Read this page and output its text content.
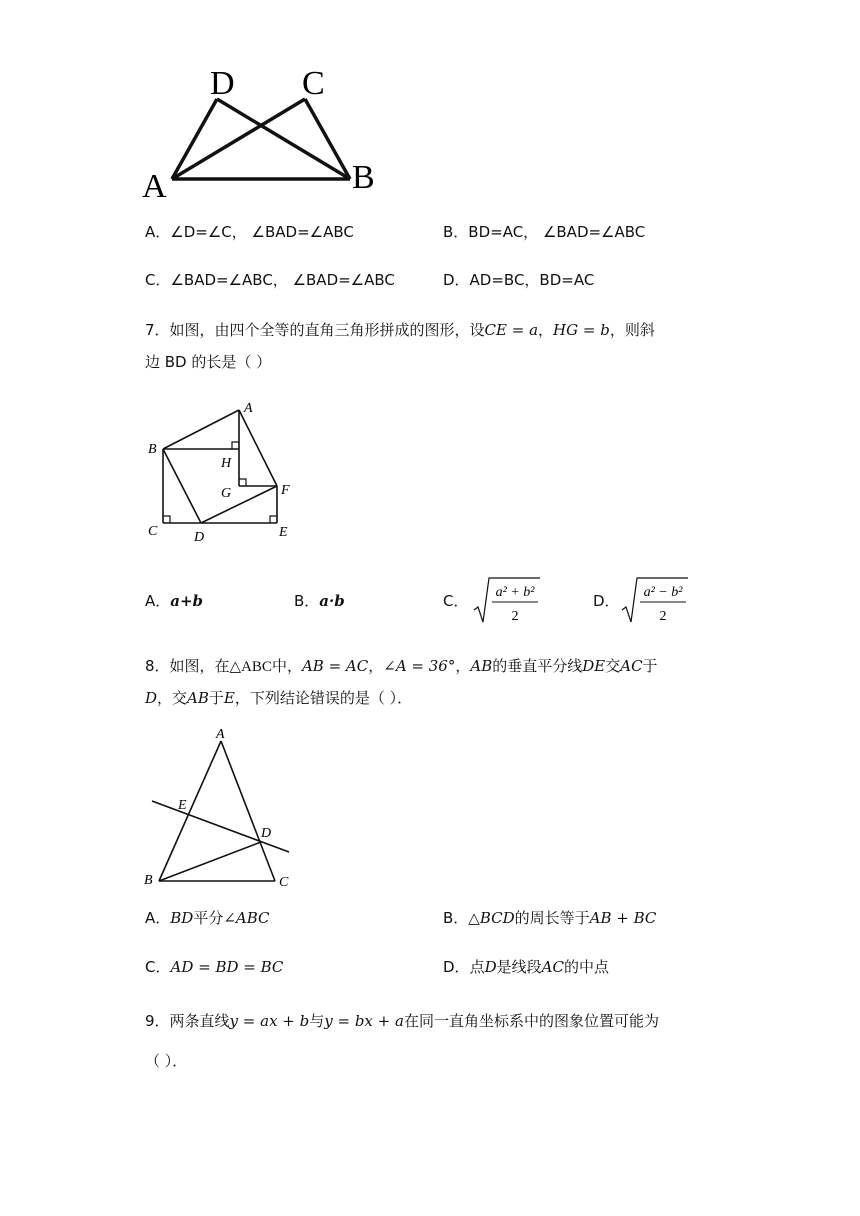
D C
A	B
A．∠D=∠C， ∠BAD=∠ABC	B．BD=AC， ∠BAD=∠ABC
C．∠BAD=∠ABC， ∠BAD=∠ABC	D．AD=BC，BD=AC
7．如图，由四个全等的直角三角形拼成的图形，设CE = a，HG = b，则斜
边 BD 的长是（ ）
A
B
H
G	F
C	D	E
A．a+b	B．a·b	C． a² + b²
2
D． a² − b²
2
8．如图，在△ABC中，AB = AC，∠A = 36°，AB的垂直平分线DE交AC于
D，交AB于E，下列结论错误的是（ ）．
A
E
D
B	C
A．BD平分∠ABC	B．△BCD的周长等于AB + BC
C．AD = BD = BC	D．点D是线段AC的中点
9．两条直线y = ax + b与y = bx + a在同一直角坐标系中的图象位置可能为
（ ）．
